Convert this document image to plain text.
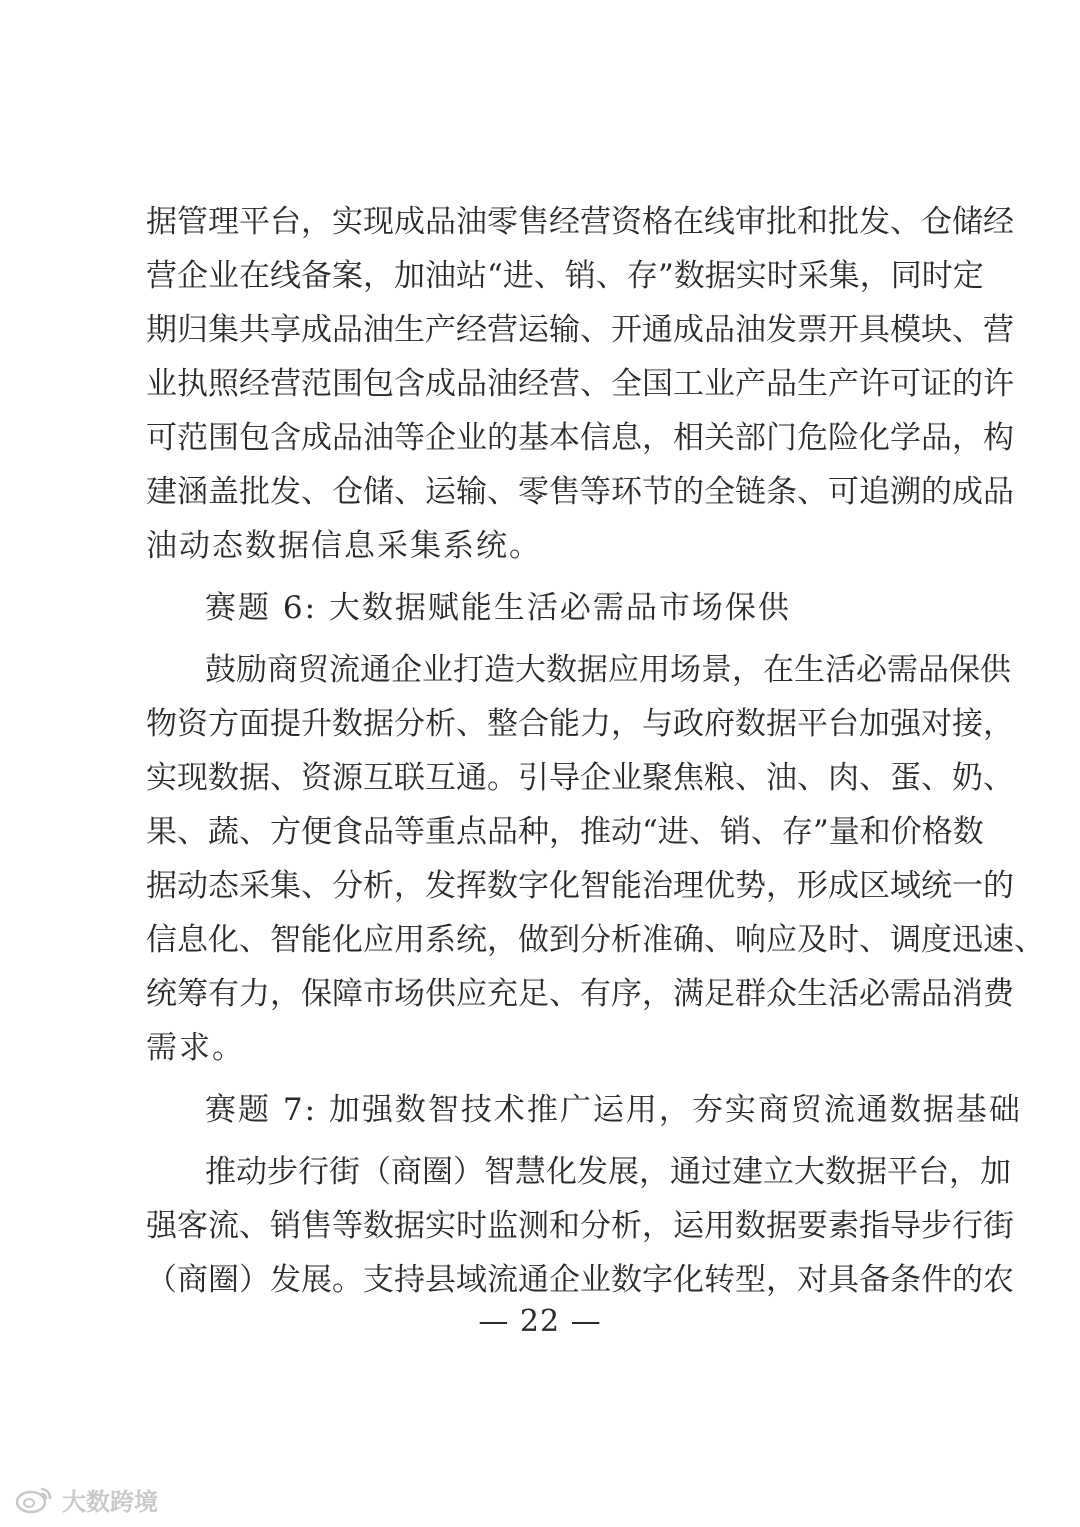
据管理平台，实现成品油零售经营资格在线审批和批发、仓储经
营企业在线备案，加油站“进、销、存”数据实时采集，同时定
期归集共享成品油生产经营运输、开通成品油发票开具模块、营
业执照经营范围包含成品油经营、全国工业产品生产许可证的许
可范围包含成品油等企业的基本信息，相关部门危险化学品，构
建涵盖批发、仓储、运输、零售等环节的全链条、可追溯的成品
油动态数据信息采集系统。
赛题 6: 大数据赋能生活必需品市场保供
鼓励商贸流通企业打造大数据应用场景，在生活必需品保供
物资方面提升数据分析、整合能力，与政府数据平台加强对接，
实现数据、资源互联互通。引导企业聚焦粮、油、肉、蛋、奶、
果、蔬、方便食品等重点品种，推动“进、销、存”量和价格数
据动态采集、分析，发挥数字化智能治理优势，形成区域统一的
信息化、智能化应用系统，做到分析准确、响应及时、调度迅速、
统筹有力，保障市场供应充足、有序，满足群众生活必需品消费
需求。
赛题 7: 加强数智技术推广运用，夯实商贸流通数据基础
推动步行街（商圈）智慧化发展，通过建立大数据平台，加
强客流、销售等数据实时监测和分析，运用数据要素指导步行街
（商圈）发展。支持县域流通企业数字化转型，对具备条件的农
— 22 —
大数跨境
